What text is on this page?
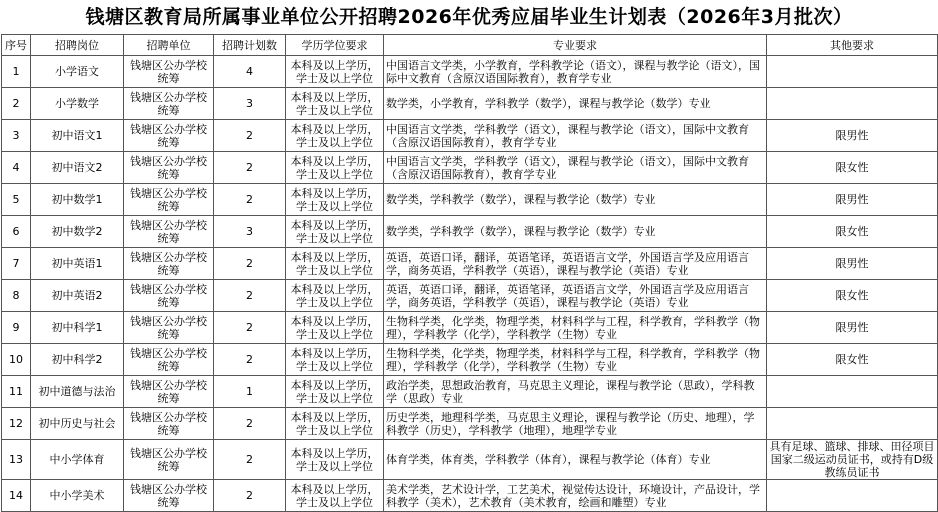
钱塘区教育局所属事业单位公开招聘2026年优秀应届毕业生计划表（2026年3月批次）
序号	招聘岗位	招聘单位	招聘计划数	学历学位要求	专业要求	其他要求
1	小学语文	钱塘区公办学校统筹	4	本科及以上学历，学士及以上学位	中国语言文学类，小学教育，学科教学论（语文），课程与教学论（语文），国际中文教育（含原汉语国际教育），教育学专业	
2	小学数学	钱塘区公办学校统筹	3	本科及以上学历，学士及以上学位	数学类，小学教育，学科教学（数学），课程与教学论（数学）专业	
3	初中语文1	钱塘区公办学校统筹	2	本科及以上学历，学士及以上学位	中国语言文学类，学科教学（语文），课程与教学论（语文），国际中文教育（含原汉语国际教育），教育学专业	限男性
4	初中语文2	钱塘区公办学校统筹	2	本科及以上学历，学士及以上学位	中国语言文学类，学科教学（语文），课程与教学论（语文），国际中文教育（含原汉语国际教育），教育学专业	限女性
5	初中数学1	钱塘区公办学校统筹	2	本科及以上学历，学士及以上学位	数学类，学科教学（数学），课程与教学论（数学）专业	限男性
6	初中数学2	钱塘区公办学校统筹	3	本科及以上学历，学士及以上学位	数学类，学科教学（数学），课程与教学论（数学）专业	限女性
7	初中英语1	钱塘区公办学校统筹	2	本科及以上学历，学士及以上学位	英语，英语口译，翻译，英语笔译，英语语言文学，外国语言学及应用语言学，商务英语，学科教学（英语），课程与教学论（英语）专业	限男性
8	初中英语2	钱塘区公办学校统筹	2	本科及以上学历，学士及以上学位	英语，英语口译，翻译，英语笔译，英语语言文学，外国语言学及应用语言学，商务英语，学科教学（英语），课程与教学论（英语）专业	限女性
9	初中科学1	钱塘区公办学校统筹	2	本科及以上学历，学士及以上学位	生物科学类，化学类，物理学类，材料科学与工程，科学教育，学科教学（物理），学科教学（化学），学科教学（生物）专业	限男性
10	初中科学2	钱塘区公办学校统筹	2	本科及以上学历，学士及以上学位	生物科学类，化学类，物理学类，材料科学与工程，科学教育，学科教学（物理），学科教学（化学），学科教学（生物）专业	限女性
11	初中道德与法治	钱塘区公办学校统筹	1	本科及以上学历，学士及以上学位	政治学类，思想政治教育，马克思主义理论，课程与教学论（思政），学科教学（思政）专业	
12	初中历史与社会	钱塘区公办学校统筹	2	本科及以上学历，学士及以上学位	历史学类，地理科学类，马克思主义理论，课程与教学论（历史、地理），学科教学（历史），学科教学（地理），地理学专业	
13	中小学体育	钱塘区公办学校统筹	2	本科及以上学历，学士及以上学位	体育学类，体育类，学科教学（体育），课程与教学论（体育）专业	具有足球、篮球、排球、田径项目国家二级运动员证书，或持有D级教练员证书
14	中小学美术	钱塘区公办学校统筹	2	本科及以上学历，学士及以上学位	美术学类，艺术设计学，工艺美术，视觉传达设计，环境设计，产品设计，学科教学（美术），艺术教育（美术教育，绘画和雕塑）专业	
